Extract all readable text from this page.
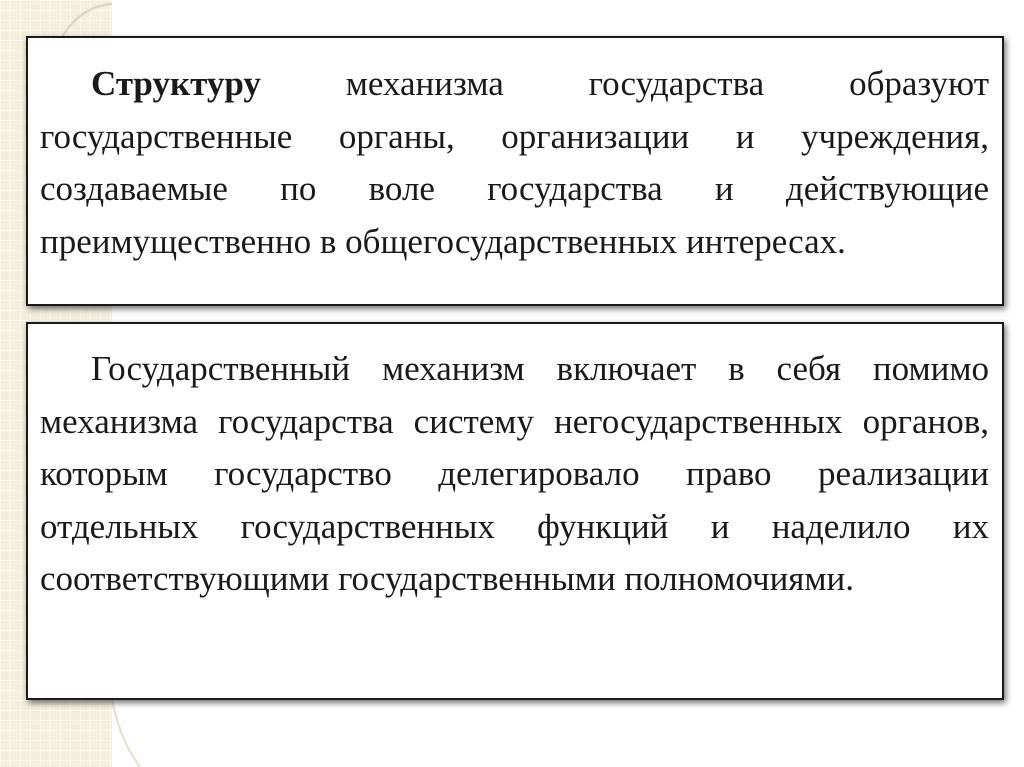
Структуру механизма государства образуют государственные органы, организации и учреждения, создаваемые по воле государства и действующие преимущественно в общегосударственных интересах.

Государственный механизм включает в себя помимо механизма государства систему негосударственных органов, которым государство делегировало право реализации отдельных государственных функций и наделило их соответствующими государственными полномочиями.
